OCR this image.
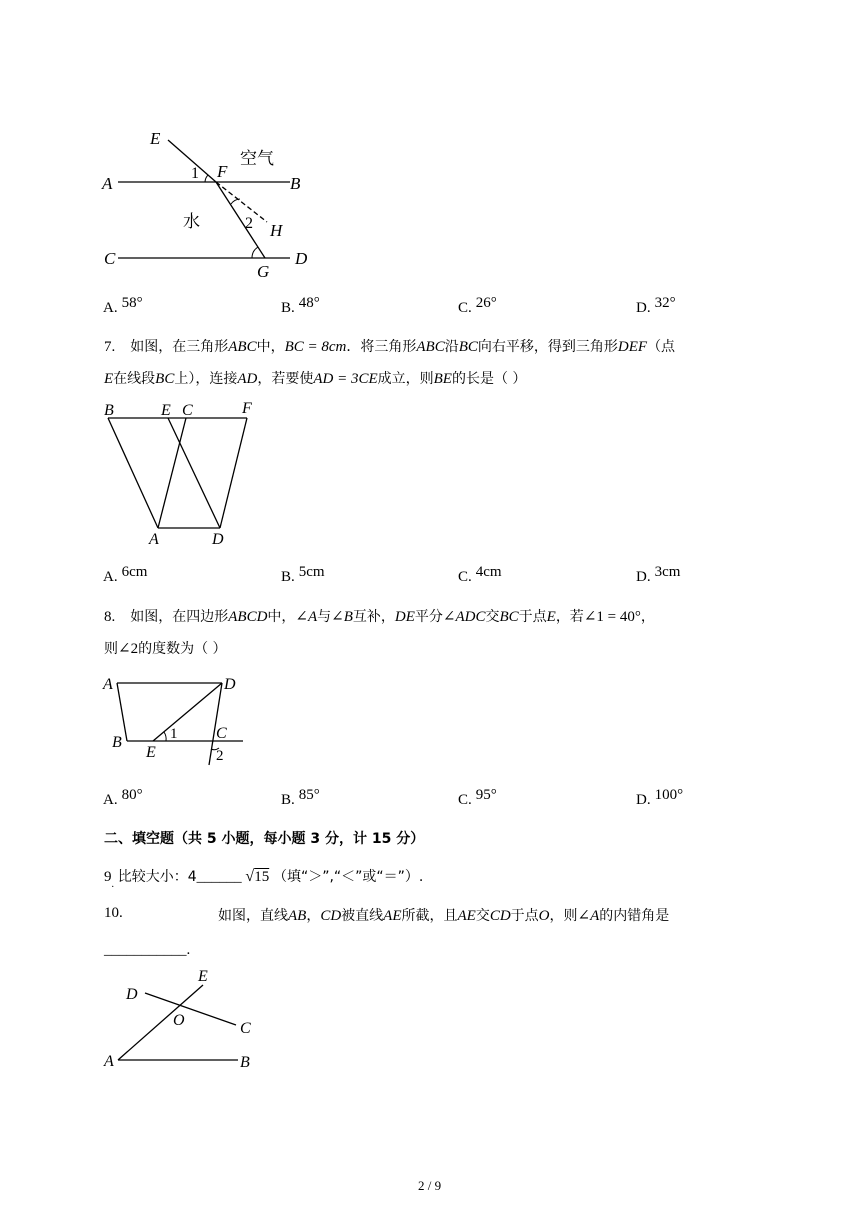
E
F
A	B
1
2 H
C	D
G
空气
水
A. 58°	B. 48°	C. 26°	D. 32°
7. 如图，在三角形ABC中，BC = 8cm．将三角形ABC沿BC向右平移，得到三角形DEF（点
E在线段BC上），连接AD，若要使AD = 3CE成立，则BE的长是（ ）
B	E C	F
A	D
A. 6cm	B. 5cm	C. 4cm	D. 3cm
8. 如图，在四边形ABCD中，∠A与∠B互补，DE平分∠ADC交BC于点E，若∠1 = 40°，
则∠2的度数为（ ）
A	D
B
E
1 C
2
A. 80°	B. 85°	C. 95°	D. 100°
二、填空题（共 5 小题，每小题 3 分，计 15 分）
$9_.$ 比较大小：4______ √15 （填“＞”,“＜”或“＝”）.
10.	如图，直线AB，CD被直线AE所截，且AE交CD于点O，则∠A的内错角是
___________.
E
D
O	C
A	B
2 / 9
